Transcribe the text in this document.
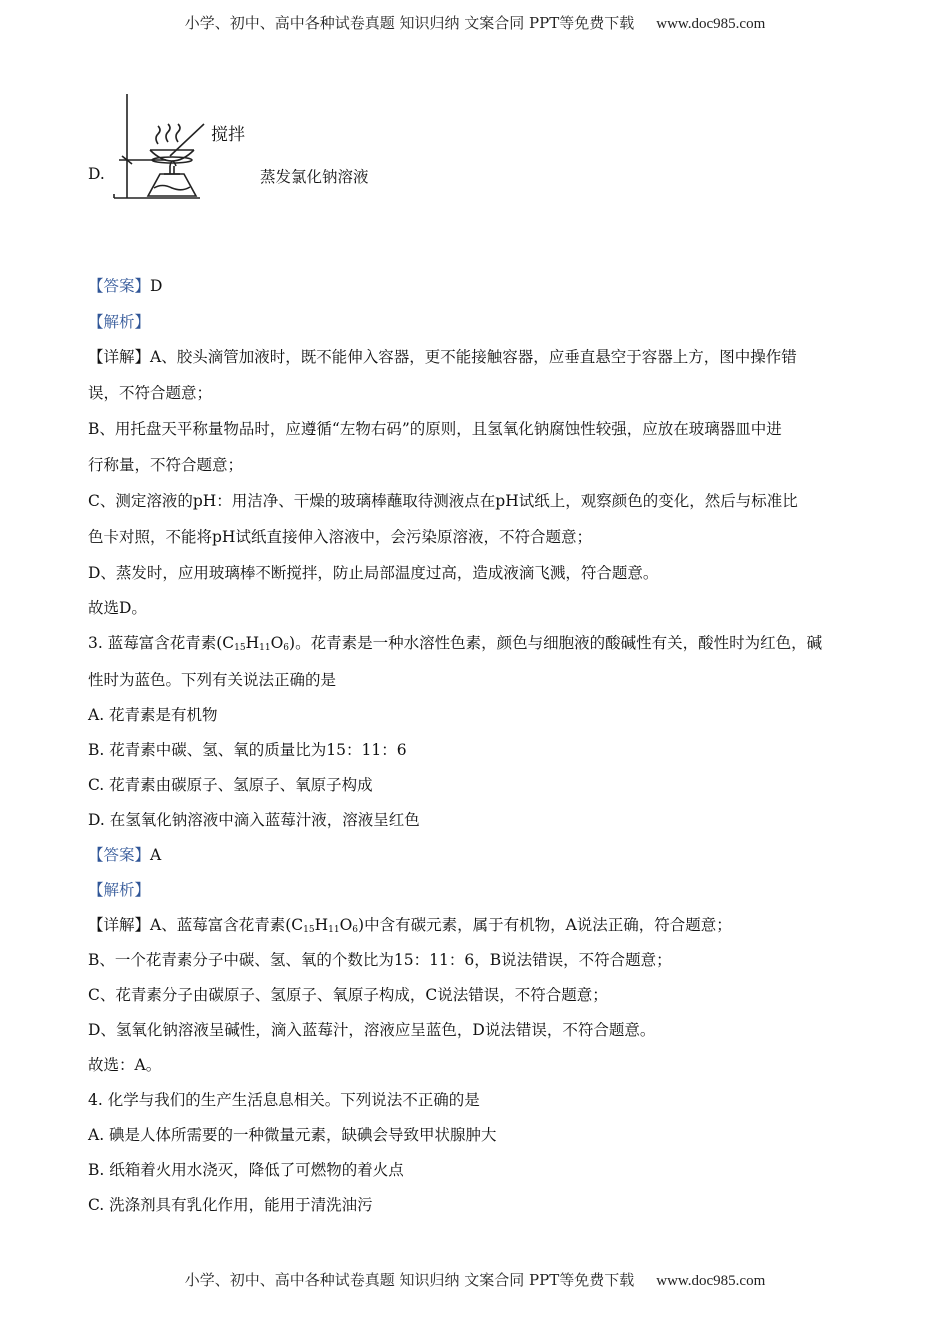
小学、初中、高中各种试卷真题 知识归纳 文案合同 PPT等免费下载 www.doc985.com
D.
搅拌
蒸发氯化钠溶液
【答案】D
【解析】
【详解】A、胶头滴管加液时，既不能伸入容器，更不能接触容器，应垂直悬空于容器上方，图中操作错
误，不符合题意；
B、用托盘天平称量物品时，应遵循“左物右码”的原则，且氢氧化钠腐蚀性较强，应放在玻璃器皿中进
行称量，不符合题意；
C、测定溶液的pH：用洁净、干燥的玻璃棒蘸取待测液点在pH试纸上，观察颜色的变化，然后与标准比
色卡对照，不能将pH试纸直接伸入溶液中，会污染原溶液，不符合题意；
D、蒸发时，应用玻璃棒不断搅拌，防止局部温度过高，造成液滴飞溅，符合题意。
故选D。
3. 蓝莓富含花青素$(C_{15}H_{11}O_6)$。花青素是一种水溶性色素，颜色与细胞液的酸碱性有关，酸性时为红色，碱
性时为蓝色。下列有关说法正确的是
A. 花青素是有机物
B. 花青素中碳、氢、氧的质量比为15：11：6
C. 花青素由碳原子、氢原子、氧原子构成
D. 在氢氧化钠溶液中滴入蓝莓汁液，溶液呈红色
【答案】A
【解析】
【详解】A、蓝莓富含花青素$(C_{15}H_{11}O_6)$中含有碳元素，属于有机物，A说法正确，符合题意；
B、一个花青素分子中碳、氢、氧的个数比为15：11：6，B说法错误，不符合题意；
C、花青素分子由碳原子、氢原子、氧原子构成，C说法错误，不符合题意；
D、氢氧化钠溶液呈碱性，滴入蓝莓汁，溶液应呈蓝色，D说法错误，不符合题意。
故选：A。
4. 化学与我们的生产生活息息相关。下列说法不正确的是
A. 碘是人体所需要的一种微量元素，缺碘会导致甲状腺肿大
B. 纸箱着火用水浇灭，降低了可燃物的着火点
C. 洗涤剂具有乳化作用，能用于清洗油污
小学、初中、高中各种试卷真题 知识归纳 文案合同 PPT等免费下载 www.doc985.com
